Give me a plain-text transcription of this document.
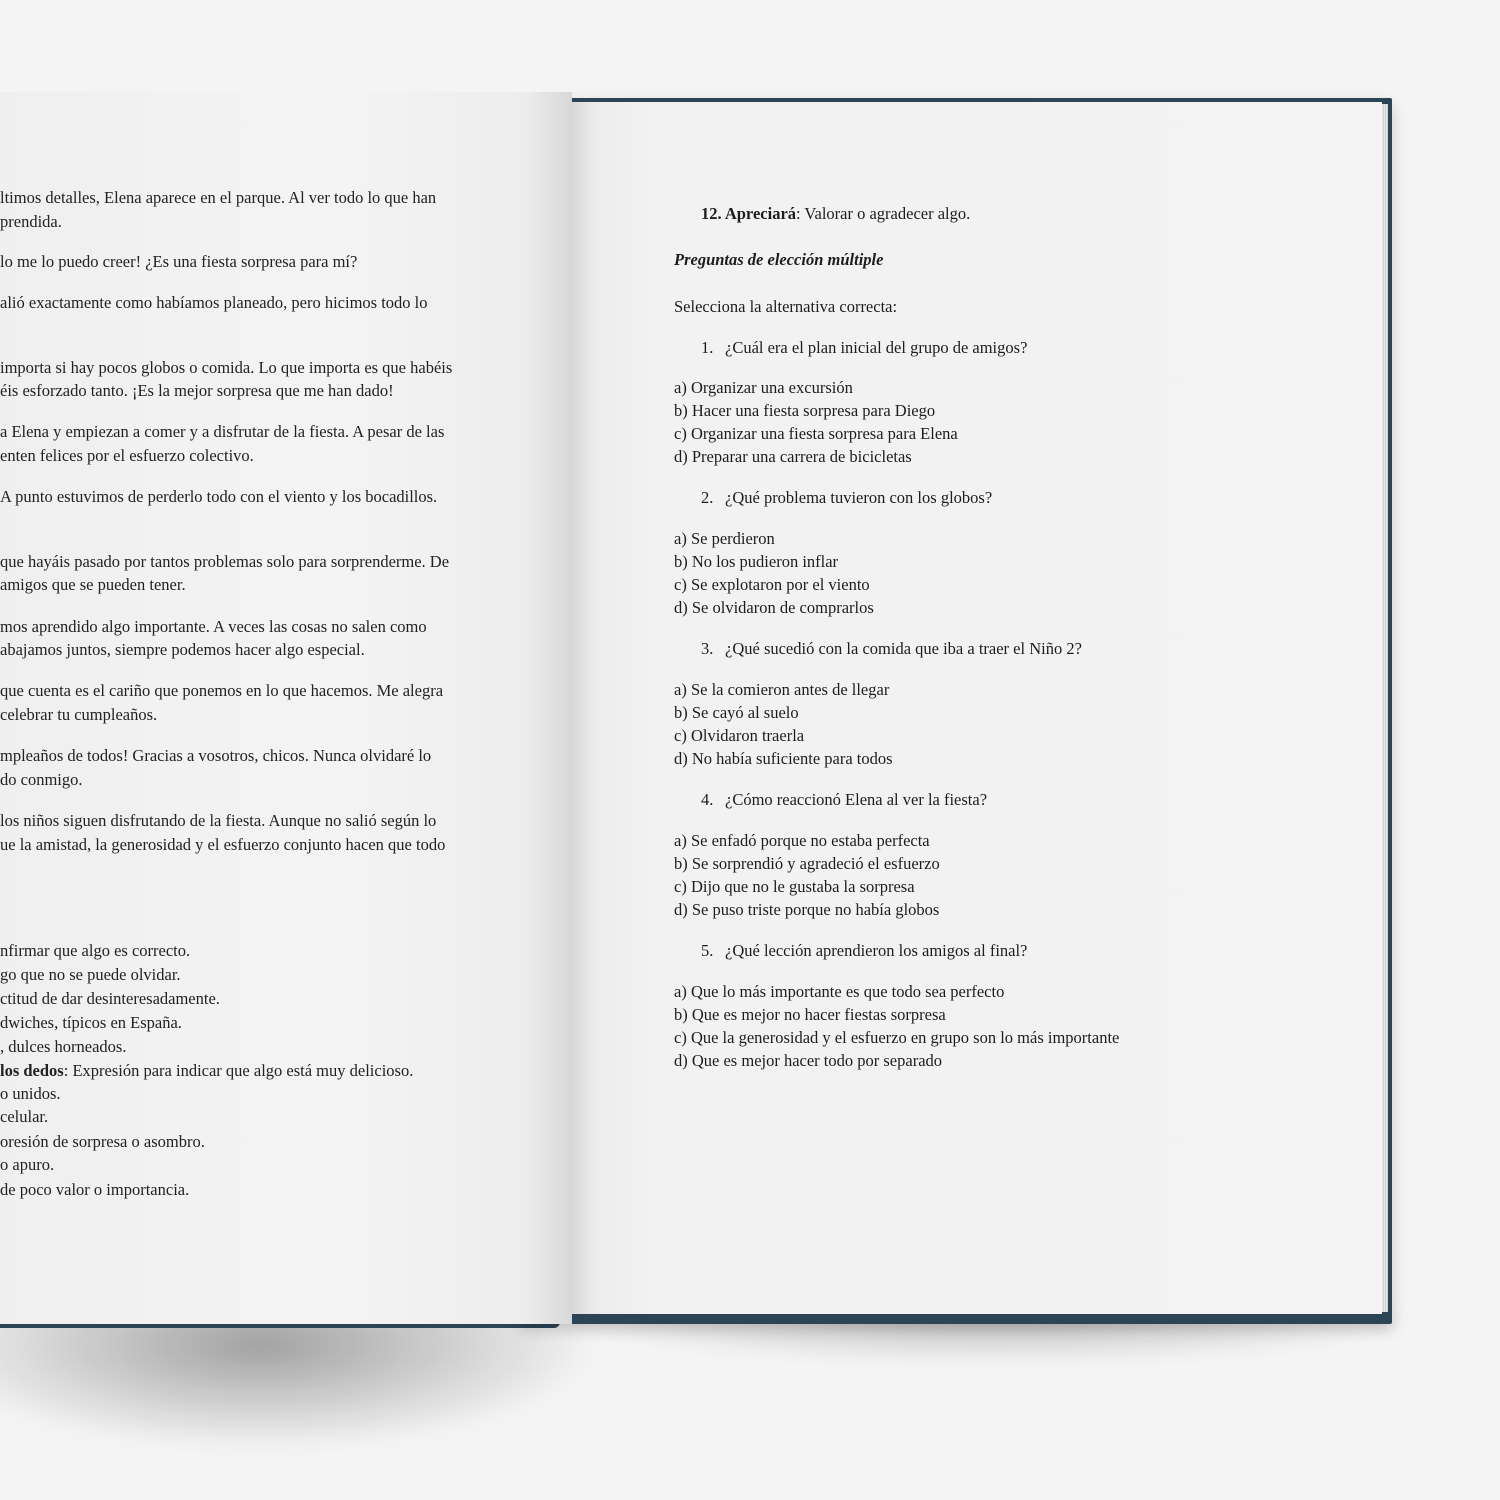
ltimos detalles, Elena aparece en el parque. Al ver todo lo que han
prendida.
lo me lo puedo creer! ¿Es una fiesta sorpresa para mí?
alió exactamente como habíamos planeado, pero hicimos todo lo
importa si hay pocos globos o comida. Lo que importa es que habéis
éis esforzado tanto. ¡Es la mejor sorpresa que me han dado!
a Elena y empiezan a comer y a disfrutar de la fiesta. A pesar de las
enten felices por el esfuerzo colectivo.
A punto estuvimos de perderlo todo con el viento y los bocadillos.
que hayáis pasado por tantos problemas solo para sorprenderme. De
amigos que se pueden tener.
mos aprendido algo importante. A veces las cosas no salen como
abajamos juntos, siempre podemos hacer algo especial.
que cuenta es el cariño que ponemos en lo que hacemos. Me alegra
celebrar tu cumpleaños.
mpleaños de todos! Gracias a vosotros, chicos. Nunca olvidaré lo
do conmigo.
los niños siguen disfrutando de la fiesta. Aunque no salió según lo
ue la amistad, la generosidad y el esfuerzo conjunto hacen que todo
nfirmar que algo es correcto.
go que no se puede olvidar.
ctitud de dar desinteresadamente.
dwiches, típicos en España.
, dulces horneados.
los dedos: Expresión para indicar que algo está muy delicioso.
o unidos.
celular.
oresión de sorpresa o asombro.
o apuro.
de poco valor o importancia.
12. Apreciará: Valorar o agradecer algo.
Preguntas de elección múltiple
Selecciona la alternativa correcta:
1. ¿Cuál era el plan inicial del grupo de amigos?
a) Organizar una excursión
b) Hacer una fiesta sorpresa para Diego
c) Organizar una fiesta sorpresa para Elena
d) Preparar una carrera de bicicletas
2. ¿Qué problema tuvieron con los globos?
a) Se perdieron
b) No los pudieron inflar
c) Se explotaron por el viento
d) Se olvidaron de comprarlos
3. ¿Qué sucedió con la comida que iba a traer el Niño 2?
a) Se la comieron antes de llegar
b) Se cayó al suelo
c) Olvidaron traerla
d) No había suficiente para todos
4. ¿Cómo reaccionó Elena al ver la fiesta?
a) Se enfadó porque no estaba perfecta
b) Se sorprendió y agradeció el esfuerzo
c) Dijo que no le gustaba la sorpresa
d) Se puso triste porque no había globos
5. ¿Qué lección aprendieron los amigos al final?
a) Que lo más importante es que todo sea perfecto
b) Que es mejor no hacer fiestas sorpresa
c) Que la generosidad y el esfuerzo en grupo son lo más importante
d) Que es mejor hacer todo por separado
